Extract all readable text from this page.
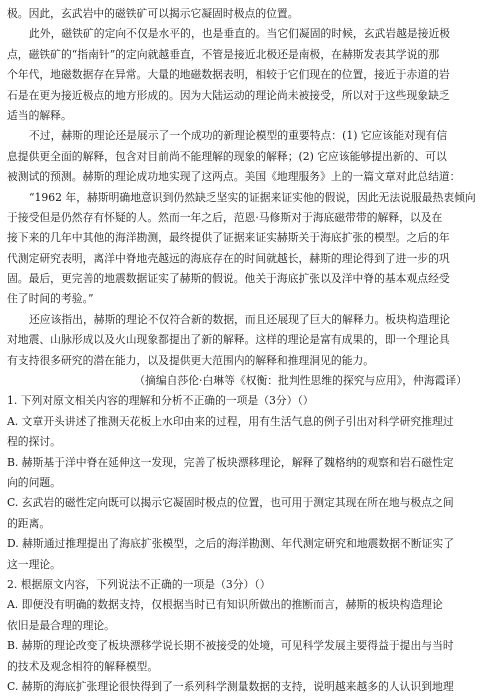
极。因此，玄武岩中的磁铁矿可以揭示它凝固时极点的位置。
此外，磁铁矿的定向不仅是水平的，也是垂直的。当它们凝固的时候，玄武岩越是接近极
点，磁铁矿的“指南针”的定向就越垂直，不管是接近北极还是南极，在赫斯发表其学说的那
个年代，地磁数据存在异常。大量的地磁数据表明，相较于它们现在的位置，接近于赤道的岩
石是在更为接近极点的地方形成的。因为大陆运动的理论尚未被接受，所以对于这些现象缺乏
适当的解释。
不过，赫斯的理论还是展示了一个成功的新理论模型的重要特点：(1) 它应该能对现有信
息提供更全面的解释，包含对目前尚不能理解的现象的解释；(2) 它应该能够提出新的、可以
被测试的预测。赫斯的理论成功地实现了这两点。美国《地理服务》上的一篇文章对此总结道：
“1962 年，赫斯明确地意识到仍然缺乏坚实的证据来证实他的假说，因此无法说服最热衷倾向
于接受但是仍然存有怀疑的人。然而一年之后，范恩·马修斯对于海底磁带带的解释，以及在
接下来的几年中其他的海洋勘测，最终提供了证据来证实赫斯关于海底扩张的模型。之后的年
代测定研究表明，离洋中脊地壳越远的海底存在的时间就越长，赫斯的理论得到了进一步的巩
固。最后，更完善的地震数据证实了赫斯的假说。他关于海底扩张以及洋中脊的基本观点经受
住了时间的考验。”
还应该指出，赫斯的理论不仅符合新的数据，而且还展现了巨大的解释力。板块构造理论
对地震、山脉形成以及火山现象都提出了新的解释。这样的理论是富有成果的，即一个理论具
有支持很多研究的潜在能力，以及提供更大范围内的解释和推理洞见的能力。
（摘编自莎伦·白琳等《权衡：批判性思维的探究与应用》，仲海霞译）
1. 下列对原文相关内容的理解和分析不正确的一项是（3分）（）
A. 文章开头讲述了推测天花板上水印由来的过程，用有生活气息的例子引出对科学研究推理过
程的探讨。
B. 赫斯基于洋中脊在延伸这一发现，完善了板块漂移理论，解释了魏格纳的观察和岩石磁性定
向的问题。
C. 玄武岩的磁性定向既可以揭示它凝固时极点的位置，也可用于测定其现在所在地与极点之间
的距离。
D. 赫斯通过推理提出了海底扩张模型，之后的海洋勘测、年代测定研究和地震数据不断证实了
这一理论。
2. 根据原文内容，下列说法不正确的一项是（3分）（）
A. 即便没有明确的数据支持，仅根据当时已有知识所做出的推断而言，赫斯的板块构造理论
依旧是最合理的理论。
B. 赫斯的理论改变了板块漂移学说长期不被接受的处境，可见科学发展主要得益于提出与当时
的技术及观念相符的解释模型。
C. 赫斯的海底扩张理论很快得到了一系列科学测量数据的支持，说明越来越多的人认识到地理
